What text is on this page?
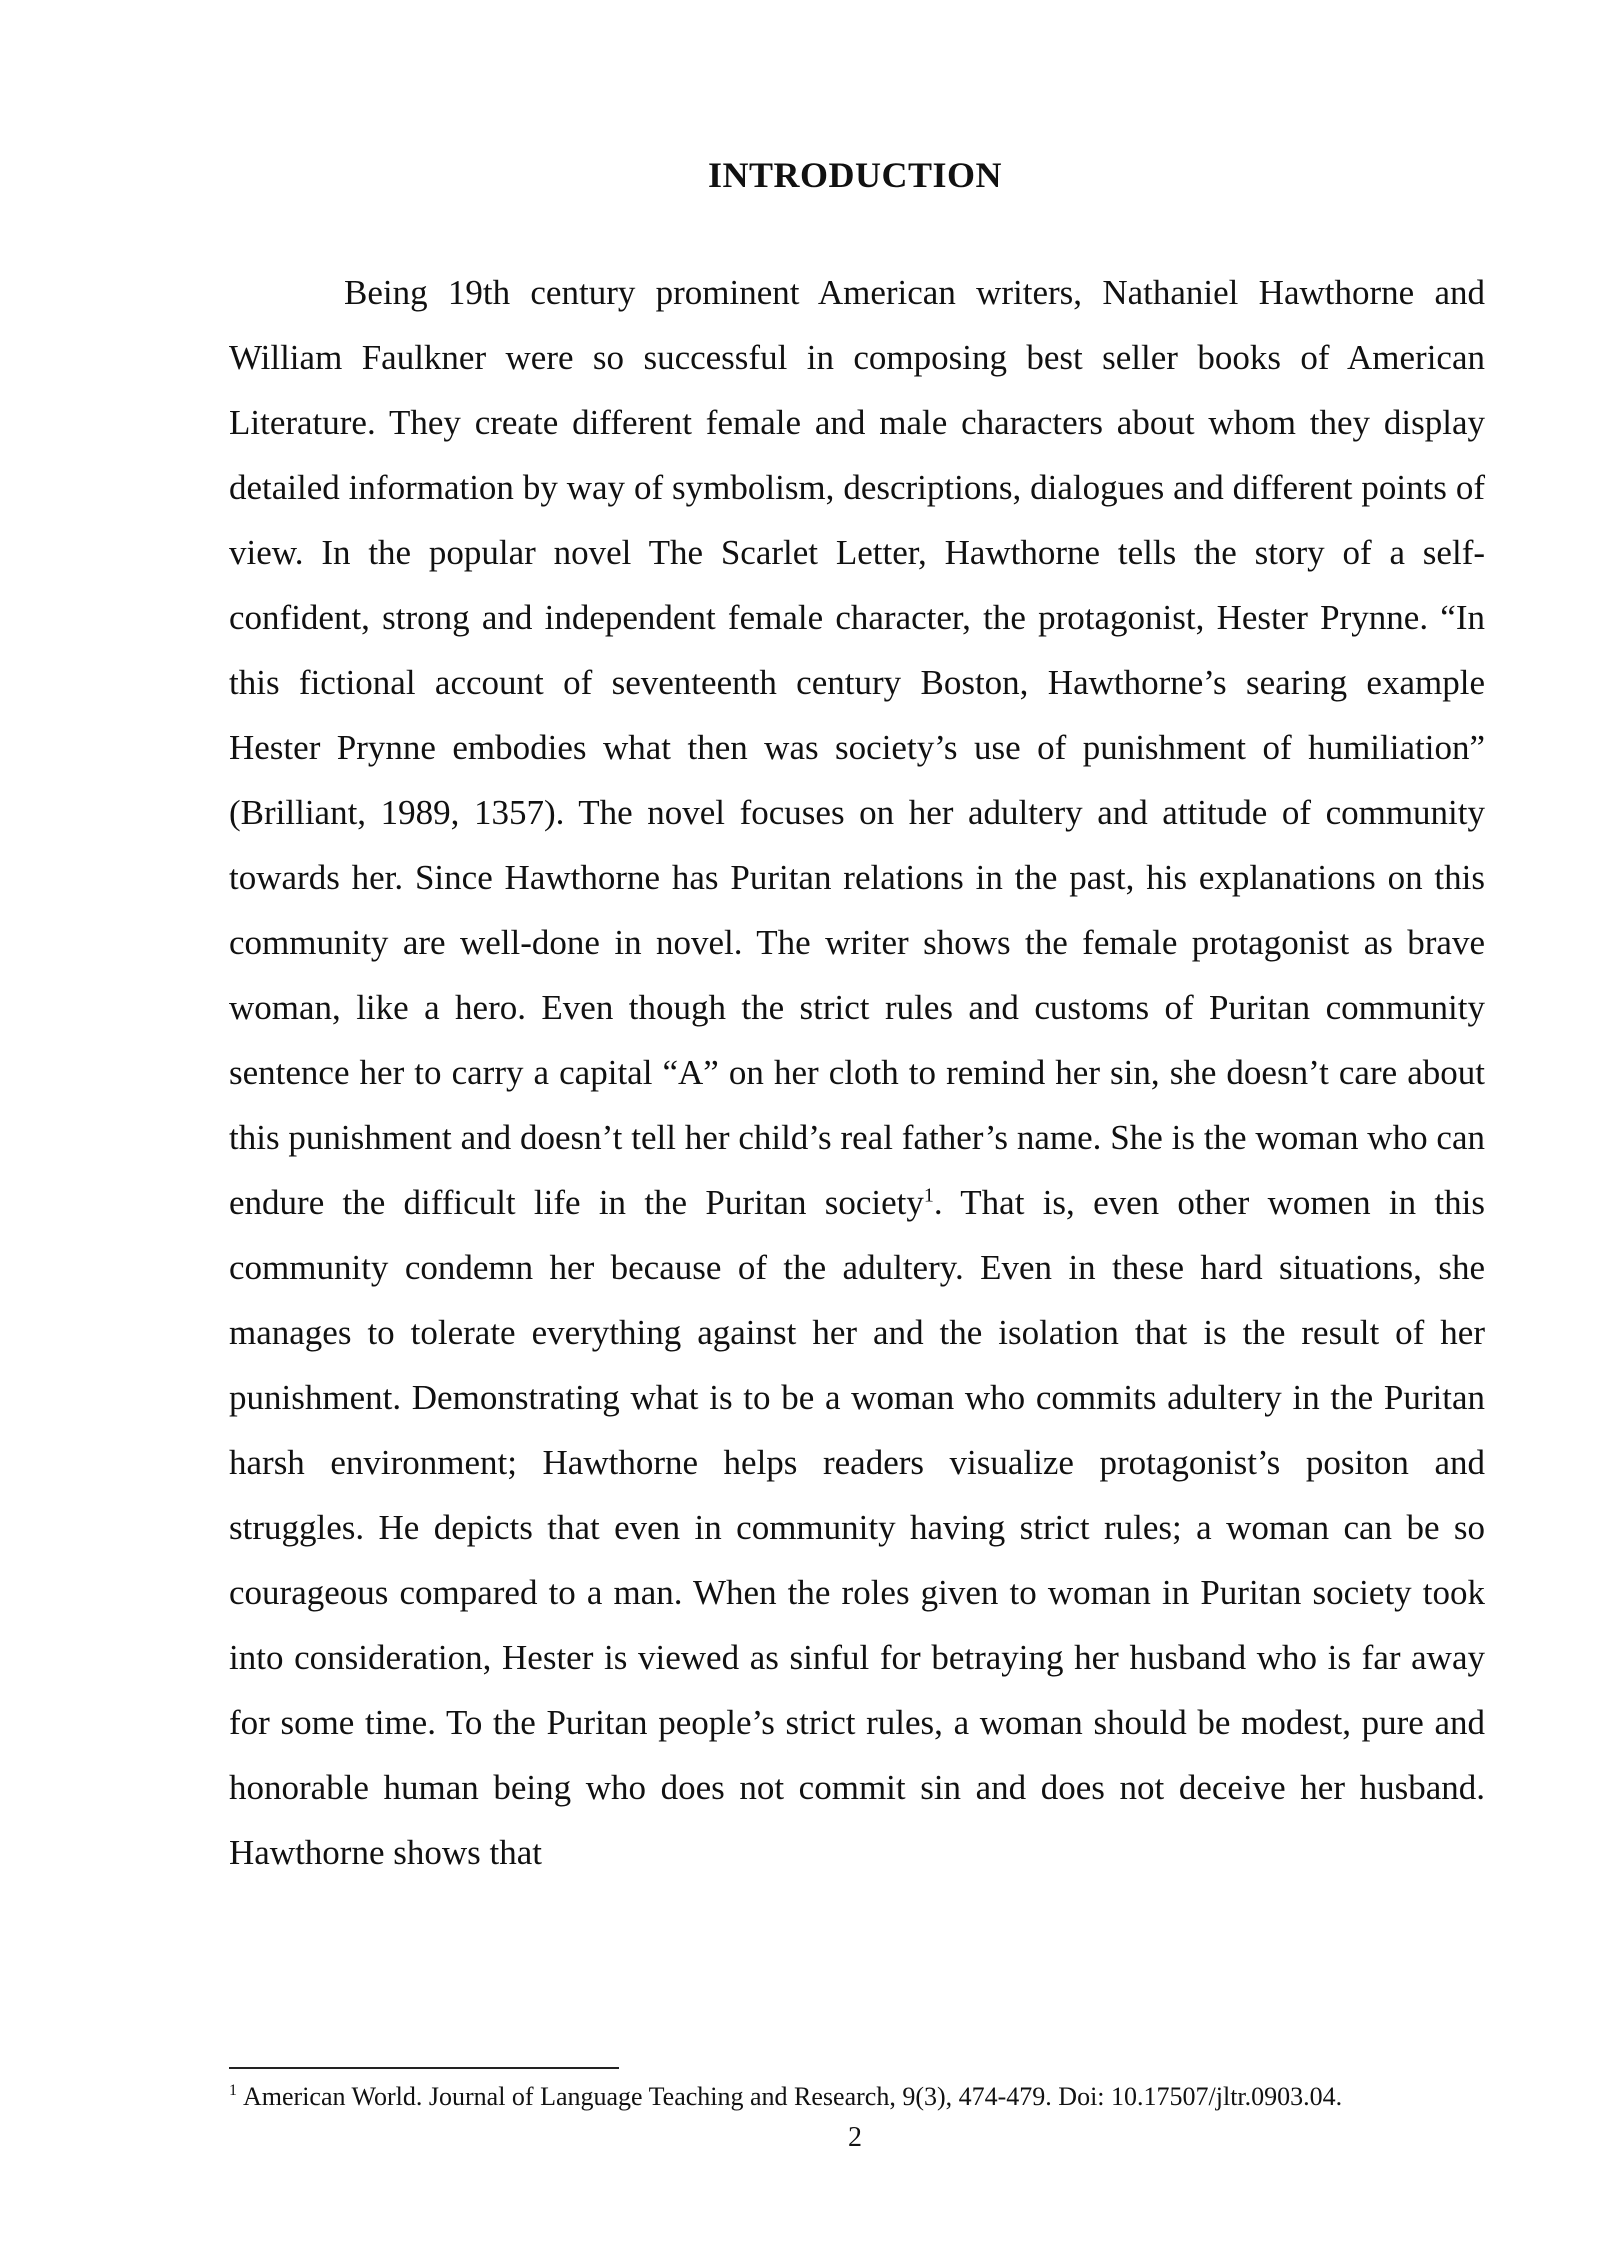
INTRODUCTION

Being 19th century prominent American writers, Nathaniel Hawthorne and William Faulkner were so successful in composing best seller books of American Literature. They create different female and male characters about whom they display detailed information by way of symbolism, descriptions, dialogues and different points of view. In the popular novel The Scarlet Letter, Hawthorne tells the story of a self-confident, strong and independent female character, the protagonist, Hester Prynne. “In this fictional account of seventeenth century Boston, Hawthorne’s searing example Hester Prynne embodies what then was society’s use of punishment of humiliation” (Brilliant, 1989, 1357). The novel focuses on her adultery and attitude of community towards her. Since Hawthorne has Puritan relations in the past, his explanations on this community are well-done in novel. The writer shows the female protagonist as brave woman, like a hero. Even though the strict rules and customs of Puritan community sentence her to carry a capital “A” on her cloth to remind her sin, she doesn’t care about this punishment and doesn’t tell her child’s real father’s name. She is the woman who can endure the difficult life in the Puritan society$^1$. That is, even other women in this community condemn her because of the adultery. Even in these hard situations, she manages to tolerate everything against her and the isolation that is the result of her punishment. Demonstrating what is to be a woman who commits adultery in the Puritan harsh environment; Hawthorne helps readers visualize protagonist’s positon and struggles. He depicts that even in community having strict rules; a woman can be so courageous compared to a man. When the roles given to woman in Puritan society took into consideration, Hester is viewed as sinful for betraying her husband who is far away for some time. To the Puritan people’s strict rules, a woman should be modest, pure and honorable human being who does not commit sin and does not deceive her husband. Hawthorne shows that

$^1$ American World. Journal of Language Teaching and Research, 9(3), 474-479. Doi: 10.17507/jltr.0903.04.

2
